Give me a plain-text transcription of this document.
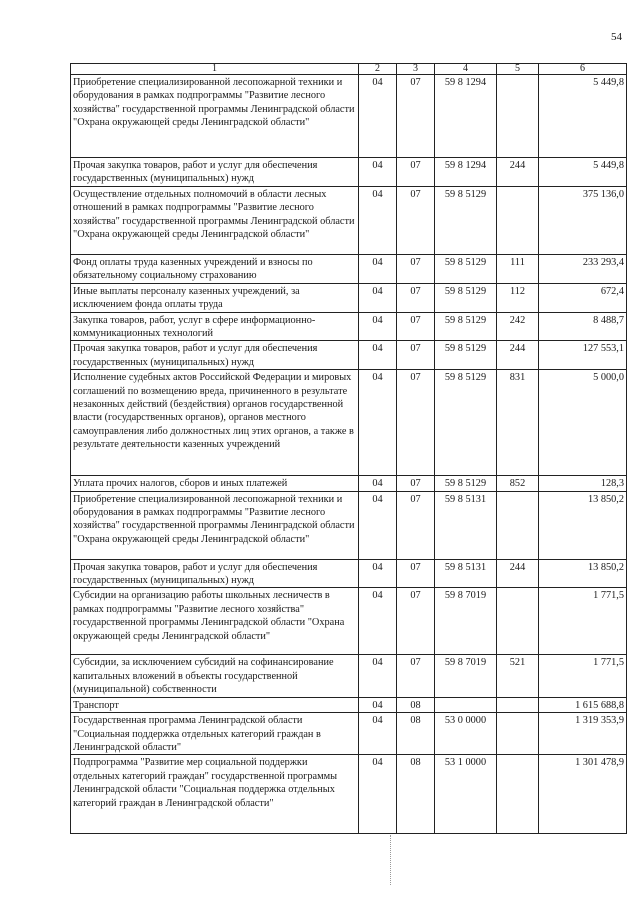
54
1	2	3	4	5	6
Приобретение специализированной лесопожарной техники и оборудования в рамках подпрограммы "Развитие лесного хозяйства" государственной программы Ленинградской области "Охрана окружающей среды Ленинградской области"	04	07	59 8 1294		5 449,8
Прочая закупка товаров, работ и услуг для обеспечения государственных (муниципальных) нужд	04	07	59 8 1294	244	5 449,8
Осуществление отдельных полномочий в области лесных отношений в рамках подпрограммы "Развитие лесного хозяйства" государственной программы Ленинградской области "Охрана окружающей среды Ленинградской области"	04	07	59 8 5129		375 136,0
Фонд оплаты труда казенных учреждений и взносы по обязательному социальному страхованию	04	07	59 8 5129	111	233 293,4
Иные выплаты персоналу казенных учреждений, за исключением фонда оплаты труда	04	07	59 8 5129	112	672,4
Закупка товаров, работ, услуг в сфере информационно-коммуникационных технологий	04	07	59 8 5129	242	8 488,7
Прочая закупка товаров, работ и услуг для обеспечения государственных (муниципальных) нужд	04	07	59 8 5129	244	127 553,1
Исполнение судебных актов Российской Федерации и мировых соглашений по возмещению вреда, причиненного в результате незаконных действий (бездействия) органов государственной власти (государственных органов), органов местного самоуправления либо должностных лиц этих органов, а также в результате деятельности казенных учреждений	04	07	59 8 5129	831	5 000,0
Уплата прочих налогов, сборов и иных платежей	04	07	59 8 5129	852	128,3
Приобретение специализированной лесопожарной техники и оборудования в рамках подпрограммы "Развитие лесного хозяйства" государственной программы Ленинградской области "Охрана окружающей среды Ленинградской области"	04	07	59 8 5131		13 850,2
Прочая закупка товаров, работ и услуг для обеспечения государственных (муниципальных) нужд	04	07	59 8 5131	244	13 850,2
Субсидии на организацию работы школьных лесничеств в рамках подпрограммы "Развитие лесного хозяйства" государственной программы Ленинградской области "Охрана окружающей среды Ленинградской области"	04	07	59 8 7019		1 771,5
Субсидии, за исключением субсидий на софинансирование капитальных вложений в объекты государственной (муниципальной) собственности	04	07	59 8 7019	521	1 771,5
Транспорт	04	08			1 615 688,8
Государственная программа Ленинградской области "Социальная поддержка отдельных категорий граждан в Ленинградской области"	04	08	53 0 0000		1 319 353,9
Подпрограмма "Развитие мер социальной поддержки отдельных категорий граждан" государственной программы Ленинградской области "Социальная поддержка отдельных категорий граждан в Ленинградской области"	04	08	53 1 0000		1 301 478,9
